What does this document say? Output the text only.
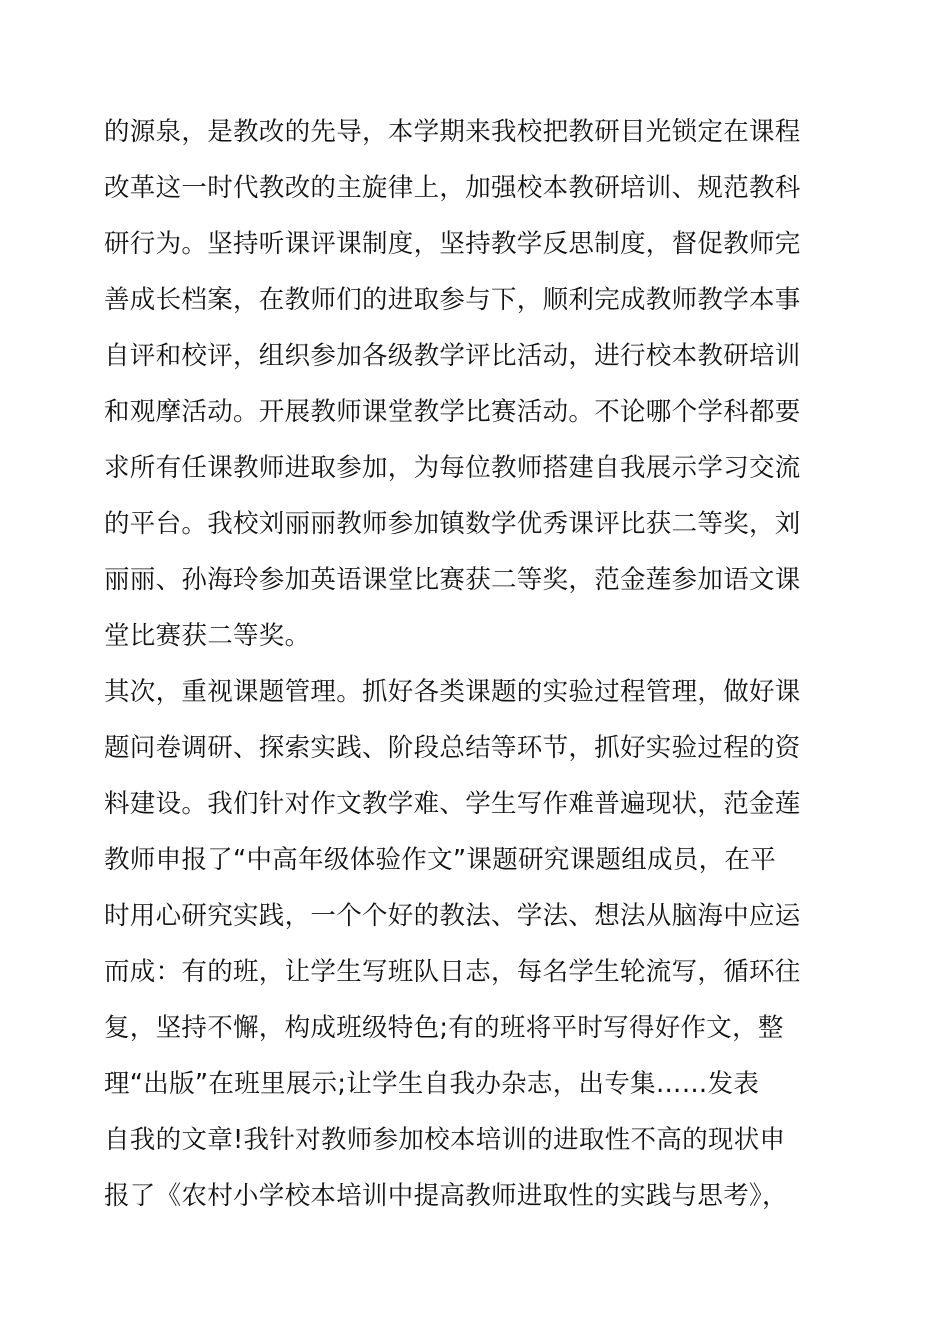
的源泉，是教改的先导，本学期来我校把教研目光锁定在课程
改革这一时代教改的主旋律上，加强校本教研培训、规范教科
研行为。坚持听课评课制度，坚持教学反思制度，督促教师完
善成长档案，在教师们的进取参与下，顺利完成教师教学本事
自评和校评，组织参加各级教学评比活动，进行校本教研培训
和观摩活动。开展教师课堂教学比赛活动。不论哪个学科都要
求所有任课教师进取参加，为每位教师搭建自我展示学习交流
的平台。我校刘丽丽教师参加镇数学优秀课评比获二等奖，刘
丽丽、孙海玲参加英语课堂比赛获二等奖，范金莲参加语文课
堂比赛获二等奖。
其次，重视课题管理。抓好各类课题的实验过程管理，做好课
题问卷调研、探索实践、阶段总结等环节，抓好实验过程的资
料建设。我们针对作文教学难、学生写作难普遍现状，范金莲
教师申报了“中高年级体验作文”课题研究课题组成员，在平
时用心研究实践，一个个好的教法、学法、想法从脑海中应运
而成：有的班，让学生写班队日志，每名学生轮流写，循环往
复，坚持不懈，构成班级特色;有的班将平时写得好作文，整
理“出版”在班里展示;让学生自我办杂志，出专集……发表
自我的文章!我针对教师参加校本培训的进取性不高的现状申
报了《农村小学校本培训中提高教师进取性的实践与思考》，
